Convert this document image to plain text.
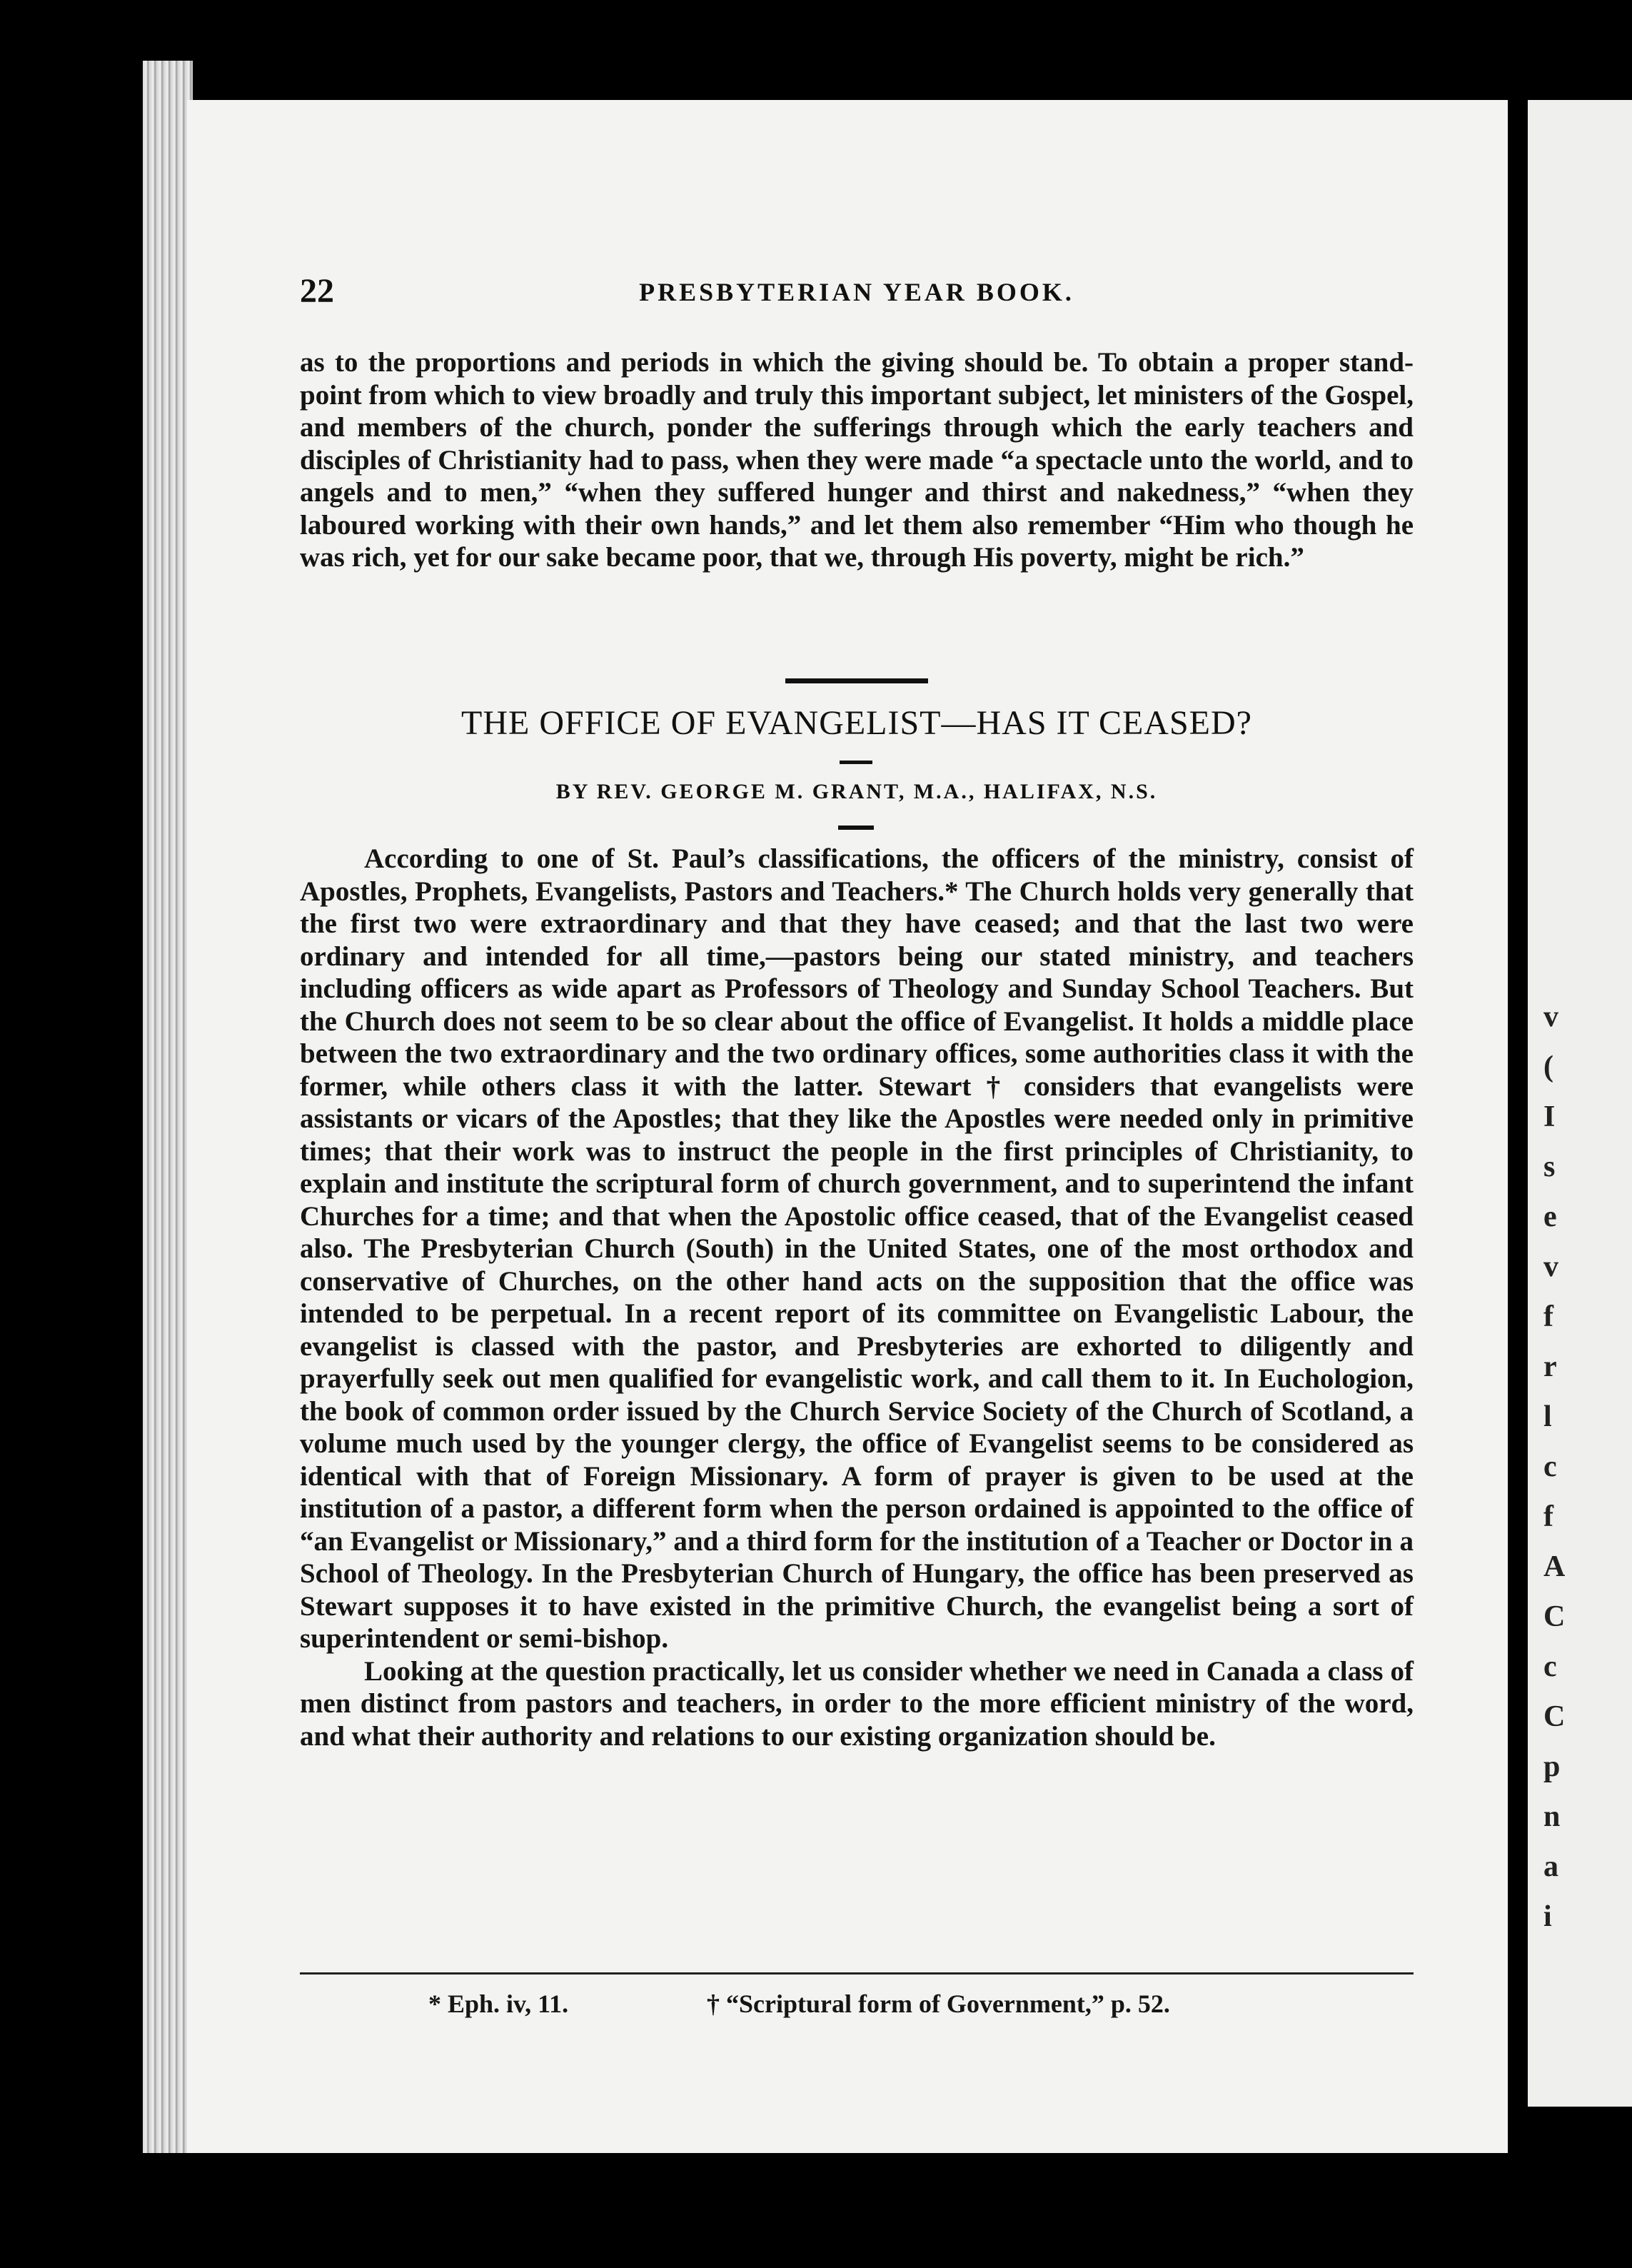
v
(
I
s
e
v
f
r
l
c
f
A
C
c
C
p
n
a
i
22	PRESBYTERIAN YEAR BOOK.

as to the proportions and periods in which the giving should be. To obtain a proper stand-point from which to view broadly and truly this important subject, let ministers of the Gospel, and members of the church, ponder the sufferings through which the early teachers and disciples of Christianity had to pass, when they were made “a spectacle unto the world, and to angels and to men,” “when they suffered hunger and thirst and nakedness,” “when they laboured working with their own hands,” and let them also remember “Him who though he was rich, yet for our sake became poor, that we, through His poverty, might be rich.”

THE OFFICE OF EVANGELIST—HAS IT CEASED?
BY REV. GEORGE M. GRANT, M.A., HALIFAX, N.S.

According to one of St. Paul’s classifications, the officers of the ministry, consist of Apostles, Prophets, Evangelists, Pastors and Teachers.* The Church holds very generally that the first two were extraordinary and that they have ceased; and that the last two were ordinary and intended for all time,—pastors being our stated ministry, and teachers including officers as wide apart as Professors of Theology and Sunday School Teachers. But the Church does not seem to be so clear about the office of Evangelist. It holds a middle place between the two extraordinary and the two ordinary offices, some authorities class it with the former, while others class it with the latter. Stewart † considers that evangelists were assistants or vicars of the Apostles; that they like the Apostles were needed only in primitive times; that their work was to instruct the people in the first principles of Christianity, to explain and institute the scriptural form of church government, and to superintend the infant Churches for a time; and that when the Apostolic office ceased, that of the Evangelist ceased also. The Presbyterian Church (South) in the United States, one of the most orthodox and conservative of Churches, on the other hand acts on the supposition that the office was intended to be perpetual. In a recent report of its committee on Evangelistic Labour, the evangelist is classed with the pastor, and Presbyteries are exhorted to diligently and prayerfully seek out men qualified for evangelistic work, and call them to it. In Euchologion, the book of common order issued by the Church Service Society of the Church of Scotland, a volume much used by the younger clergy, the office of Evangelist seems to be considered as identical with that of Foreign Missionary. A form of prayer is given to be used at the institution of a pastor, a different form when the person ordained is appointed to the office of “an Evangelist or Missionary,” and a third form for the institution of a Teacher or Doctor in a School of Theology. In the Presbyterian Church of Hungary, the office has been preserved as Stewart supposes it to have existed in the primitive Church, the evangelist being a sort of superintendent or semi-bishop.

Looking at the question practically, let us consider whether we need in Canada a class of men distinct from pastors and teachers, in order to the more efficient ministry of the word, and what their authority and relations to our existing organization should be.

* Eph. iv, 11.	† “Scriptural form of Government,” p. 52.
